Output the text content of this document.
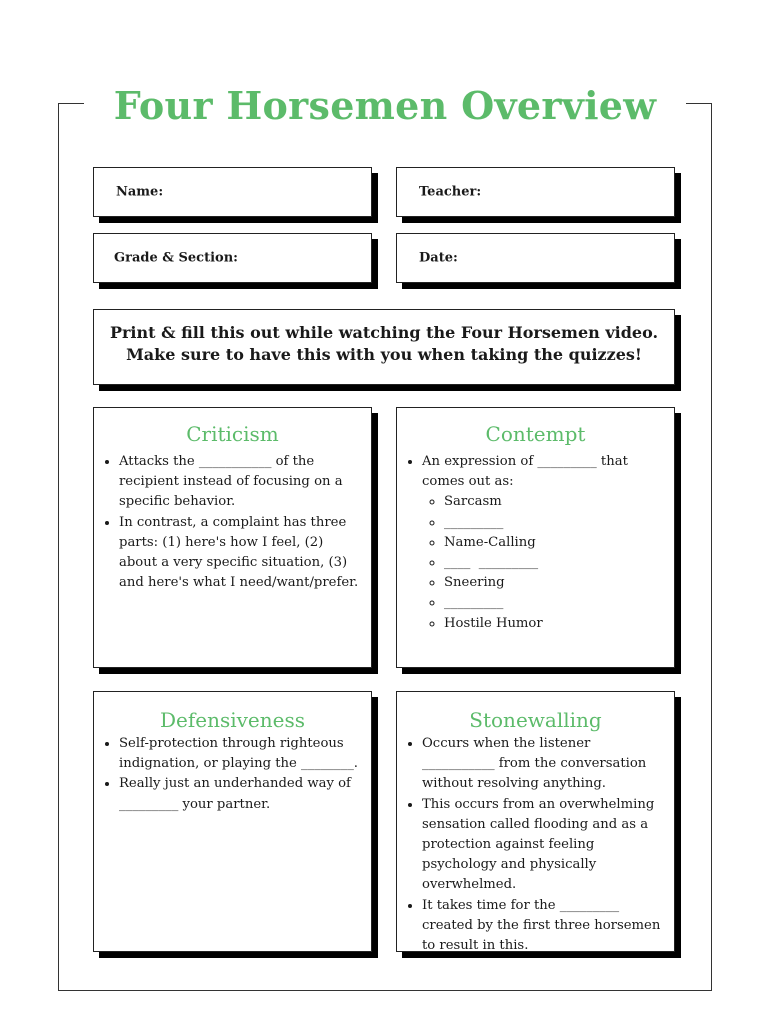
Four Horsemen Overview
Name:	Teacher:
Grade & Section:	Date:
Print & fill this out while watching the Four Horsemen video.
Make sure to have this with you when taking the quizzes!
Criticism
• Attacks the ___________ of the recipient instead of focusing on a specific behavior.
• In contrast, a complaint has three parts: (1) here's how I feel, (2) about a very specific situation, (3) and here's what I need/want/prefer.
Contempt
• An expression of _________ that comes out as:
◦ Sarcasm
◦ _________
◦ Name-Calling
◦ ____  _________
◦ Sneering
◦ _________
◦ Hostile Humor
Defensiveness
• Self-protection through righteous indignation, or playing the ________.
• Really just an underhanded way of _________ your partner.
Stonewalling
• Occurs when the listener ___________ from the conversation without resolving anything.
• This occurs from an overwhelming sensation called flooding and as a protection against feeling psychology and physically overwhelmed.
• It takes time for the _________ created by the first three horsemen to result in this.
